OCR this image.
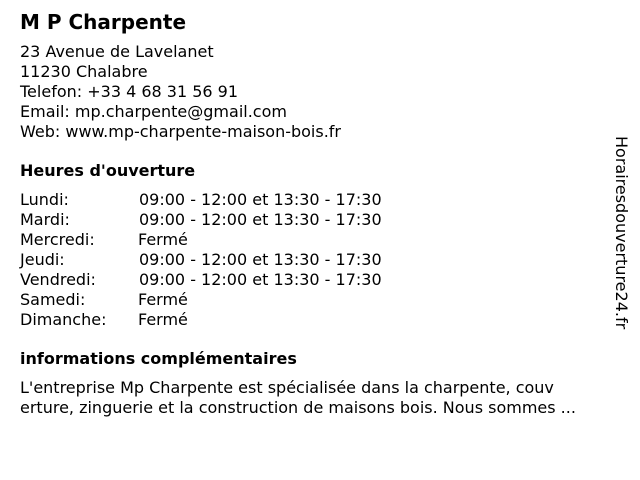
M P Charpente
23 Avenue de Lavelanet
11230 Chalabre
Telefon: +33 4 68 31 56 91
Email: mp.charpente@gmail.com
Web: www.mp-charpente-maison-bois.fr
Heures d'ouverture
Lundi:	09:00 - 12:00 et 13:30 - 17:30
Mardi:	09:00 - 12:00 et 13:30 - 17:30
Mercredi:	Fermé
Jeudi:	09:00 - 12:00 et 13:30 - 17:30
Vendredi:	09:00 - 12:00 et 13:30 - 17:30
Samedi:	Fermé
Dimanche:	Fermé
informations complémentaires
L'entreprise Mp Charpente est spécialisée dans la charpente, couv
erture, zinguerie et la construction de maisons bois. Nous sommes ...
Horairesdouverture24.fr
